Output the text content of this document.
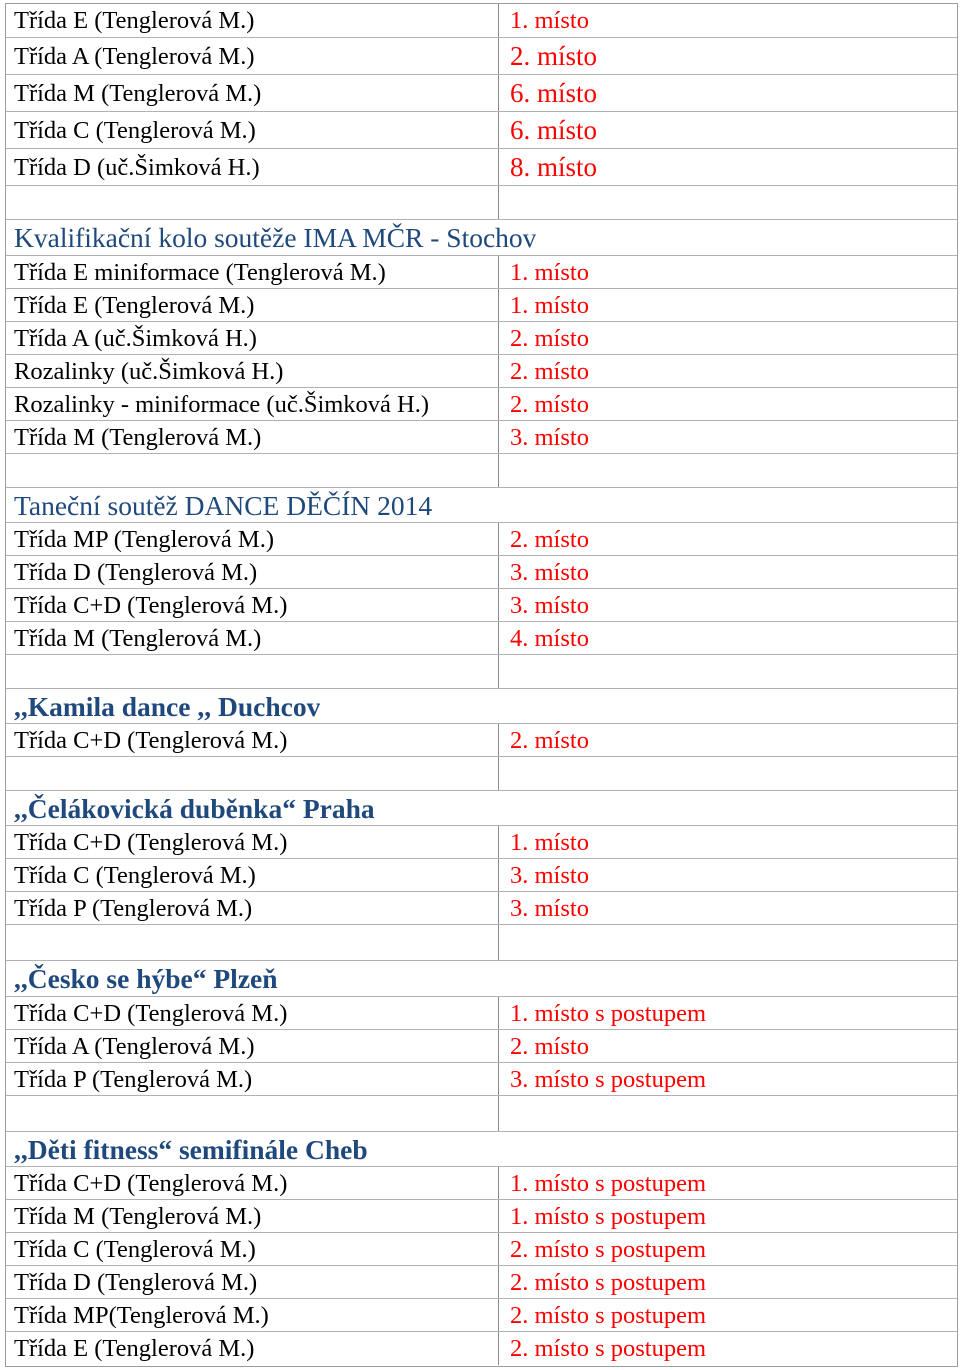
Třída E (Tenglerová M.)	1. místo
Třída A (Tenglerová M.)	2. místo
Třída M (Tenglerová M.)	6. místo
Třída C (Tenglerová M.)	6. místo
Třída D (uč.Šimková H.)	8. místo
Kvalifikační kolo soutěže IMA MČR - Stochov
Třída E miniformace (Tenglerová M.)	1. místo
Třída E (Tenglerová M.)	1. místo
Třída A (uč.Šimková H.)	2. místo
Rozalinky (uč.Šimková H.)	2. místo
Rozalinky - miniformace (uč.Šimková H.)	2. místo
Třída M (Tenglerová M.)	3. místo
Taneční soutěž DANCE DĚČÍN 2014
Třída MP (Tenglerová M.)	2. místo
Třída D (Tenglerová M.)	3. místo
Třída C+D (Tenglerová M.)	3. místo
Třída M (Tenglerová M.)	4. místo
,,Kamila dance ,, Duchcov
Třída C+D (Tenglerová M.)	2. místo
,,Čelákovická duběnka“ Praha
Třída C+D (Tenglerová M.)	1. místo
Třída C (Tenglerová M.)	3. místo
Třída P (Tenglerová M.)	3. místo
,,Česko se hýbe“ Plzeň
Třída C+D (Tenglerová M.)	1. místo s postupem
Třída A (Tenglerová M.)	2. místo
Třída P (Tenglerová M.)	3. místo s postupem
,,Děti fitness“ semifinále Cheb
Třída C+D (Tenglerová M.)	1. místo s postupem
Třída M (Tenglerová M.)	1. místo s postupem
Třída C (Tenglerová M.)	2. místo s postupem
Třída D (Tenglerová M.)	2. místo s postupem
Třída MP(Tenglerová M.)	2. místo s postupem
Třída E (Tenglerová M.)	2. místo s postupem
